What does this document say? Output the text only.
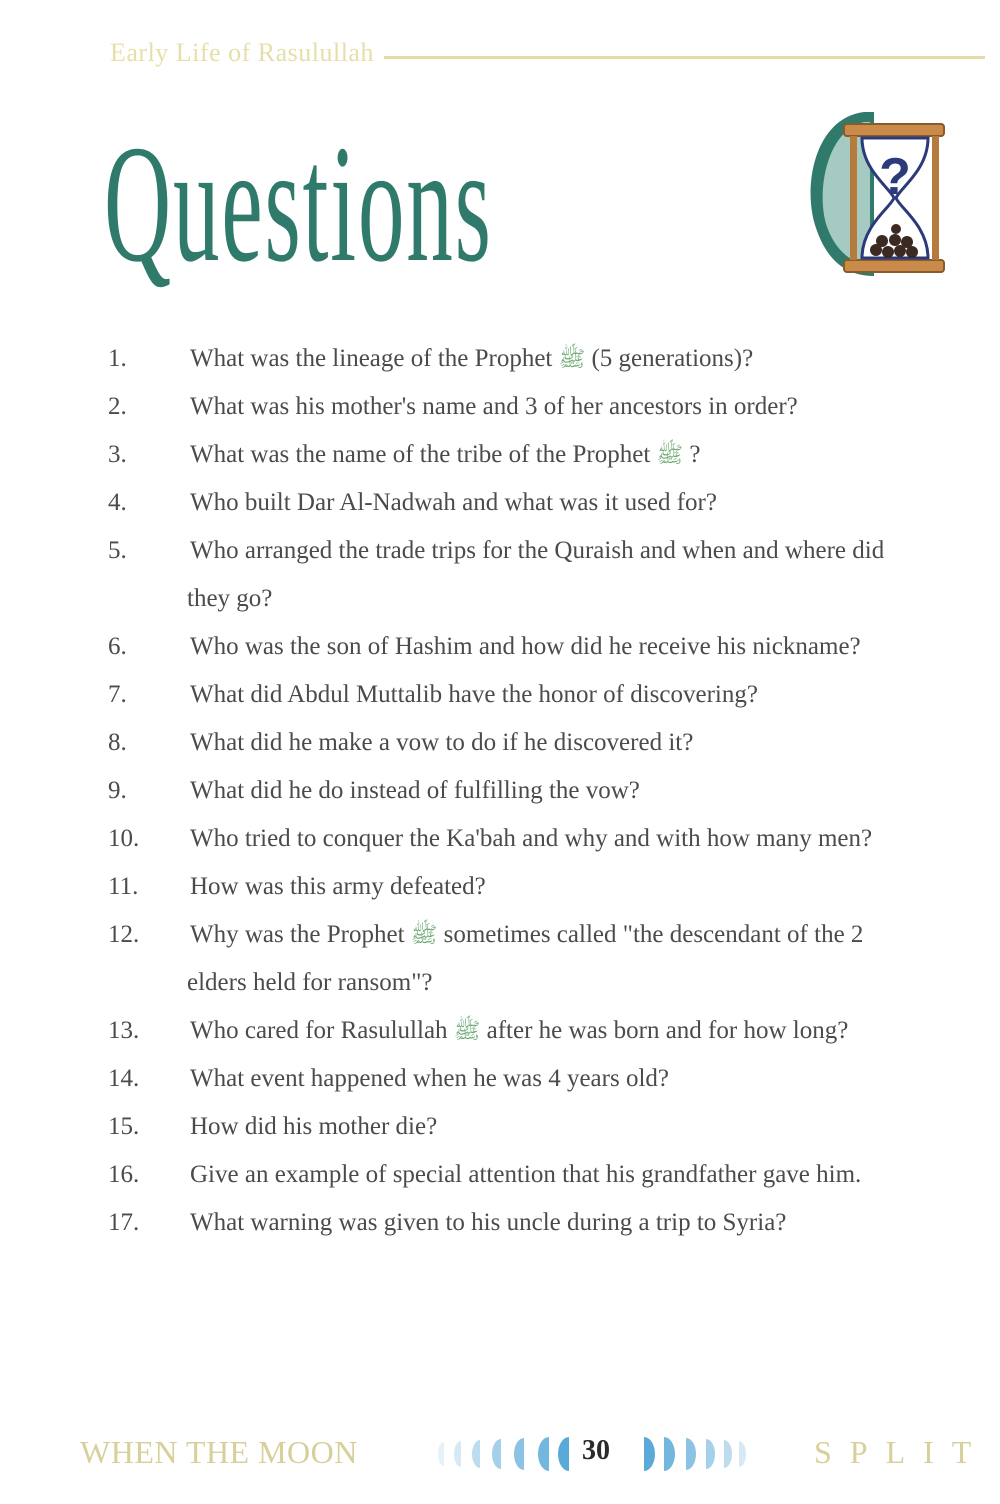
Early Life of Rasulullah
Questions	?
1.	What was the lineage of the Prophet ﷺ (5 generations)?
2.	What was his mother's name and 3 of her ancestors in order?
3.	What was the name of the tribe of the Prophet ﷺ ?
4.	Who built Dar Al-Nadwah and what was it used for?
5.	Who arranged the trade trips for the Quraish and when and where did
they go?
6.	Who was the son of Hashim and how did he receive his nickname?
7.	What did Abdul Muttalib have the honor of discovering?
8.	What did he make a vow to do if he discovered it?
9.	What did he do instead of fulfilling the vow?
10.	Who tried to conquer the Ka'bah and why and with how many men?
11.	How was this army defeated?
12.	Why was the Prophet ﷺ sometimes called "the descendant of the 2
elders held for ransom"?
13.	Who cared for Rasulullah ﷺ after he was born and for how long?
14.	What event happened when he was 4 years old?
15.	How did his mother die?
16.	Give an example of special attention that his grandfather gave him.
17.	What warning was given to his uncle during a trip to Syria?
WHEN THE MOON	30	SPLIT
